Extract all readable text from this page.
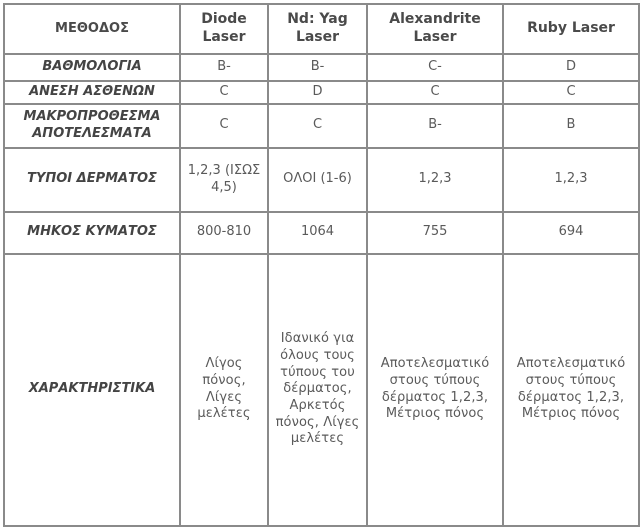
ΜΕΘΟΔΟΣ	Diode Laser	Nd: Yag Laser	Alexandrite Laser	Ruby Laser
ΒΑΘΜΟΛΟΓΙΑ	B-	B-	C-	D
ΑΝΕΣΗ ΑΣΘΕΝΩΝ	C	D	C	C
ΜΑΚΡΟΠΡΟΘΕΣΜΑ ΑΠΟΤΕΛΕΣΜΑΤΑ	C	C	B-	B
ΤΥΠΟΙ ΔΕΡΜΑΤΟΣ	1,2,3 (ΙΣΩΣ 4,5)	ΟΛΟΙ (1-6)	1,2,3	1,2,3
ΜΗΚΟΣ ΚΥΜΑΤΟΣ	800-810	1064	755	694
ΧΑΡΑΚΤΗΡΙΣΤΙΚΑ	Λίγος πόνος, Λίγες μελέτες	Ιδανικό για όλους τους τύπους του δέρματος, Αρκετός πόνος, Λίγες μελέτες	Αποτελεσματικό στους τύπους δέρματος 1,2,3, Μέτριος πόνος	Αποτελεσματικό στους τύπους δέρματος 1,2,3, Μέτριος πόνος
